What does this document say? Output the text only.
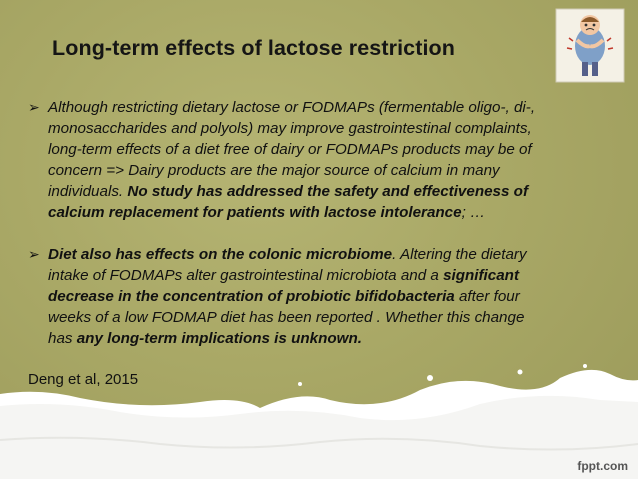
Long-term effects of lactose restriction
➢ Although restricting dietary lactose or FODMAPs (fermentable oligo-, di-,

monosaccharides and polyols) may improve gastrointestinal complaints,

long-term effects of a diet free of dairy or FODMAPs products may be of

concern => Dairy products are the major source of calcium in many

individuals. No study has addressed the safety and effectiveness of

calcium replacement for patients with lactose intolerance; …

➢ Diet also has effects on the colonic microbiome. Altering the dietary

intake of FODMAPs alter gastrointestinal microbiota and a significant

decrease in the concentration of probiotic bifidobacteria after four

weeks of a low FODMAP diet has been reported . Whether this change

has any long-term implications is unknown.

Deng et al, 2015
fppt.com
